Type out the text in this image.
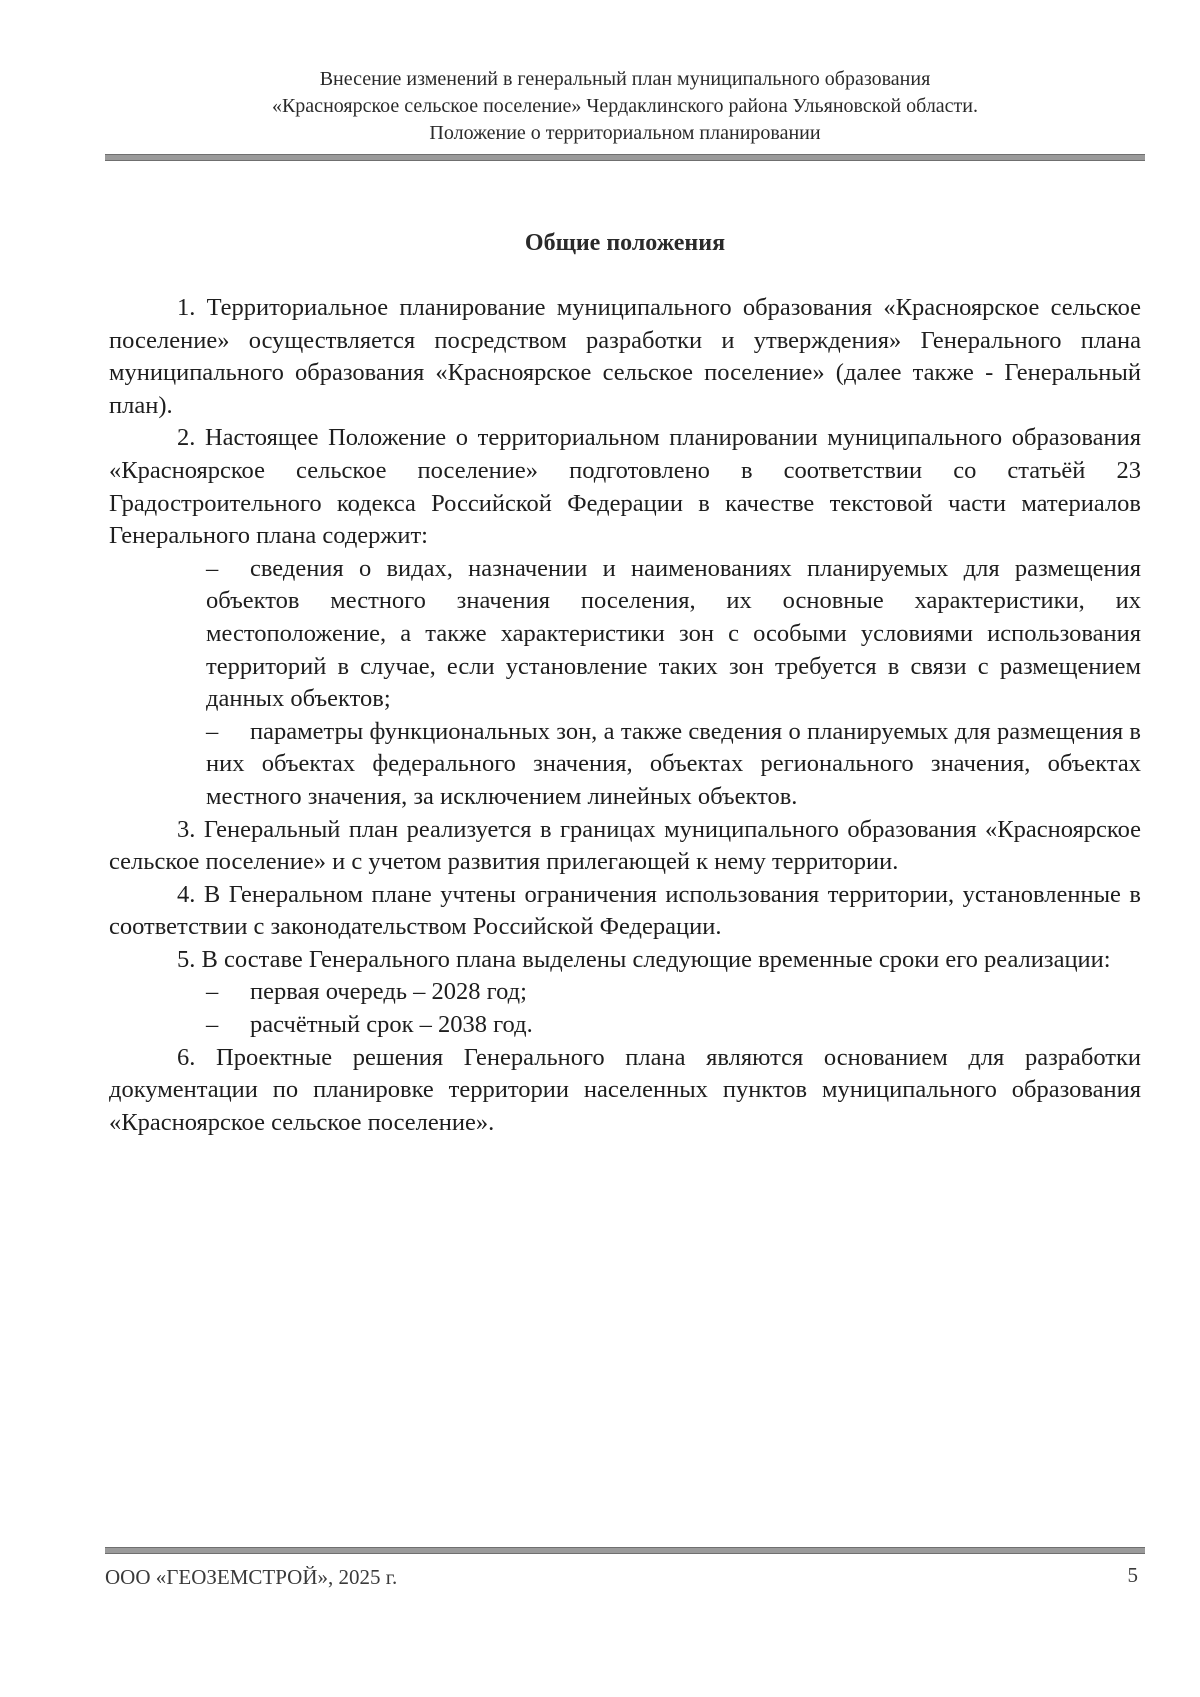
Внесение изменений в генеральный план муниципального образования
«Красноярское сельское поселение» Чердаклинского района Ульяновской области.
Положение о территориальном планировании
Общие положения

1. Территориальное планирование муниципального образования «Красноярское сельское поселение» осуществляется посредством разработки и утверждения» Генерального плана муниципального образования «Красноярское сельское поселение» (далее также - Генеральный план).

2. Настоящее Положение о территориальном планировании муниципального образования «Красноярское сельское поселение» подготовлено в соответствии со статьёй 23 Градостроительного кодекса Российской Федерации в качестве текстовой части материалов Генерального плана содержит:

–	сведения о видах, назначении и наименованиях планируемых для размещения объектов местного значения поселения, их основные характеристики, их местоположение, а также характеристики зон с особыми условиями использования территорий в случае, если установление таких зон требуется в связи с размещением данных объектов;

–	параметры функциональных зон, а также сведения о планируемых для размещения в них объектах федерального значения, объектах регионального значения, объектах местного значения, за исключением линейных объектов.

3. Генеральный план реализуется в границах муниципального образования «Красноярское сельское поселение» и с учетом развития прилегающей к нему территории.

4. В Генеральном плане учтены ограничения использования территории, установленные в соответствии с законодательством Российской Федерации.

5. В составе Генерального плана выделены следующие временные сроки его реализации:

–	первая очередь – 2028 год;

–	расчётный срок – 2038 год.

6. Проектные решения Генерального плана являются основанием для разработки документации по планировке территории населенных пунктов муниципального образования «Красноярское сельское поселение».

ООО «ГЕОЗЕМСТРОЙ», 2025 г.	5
